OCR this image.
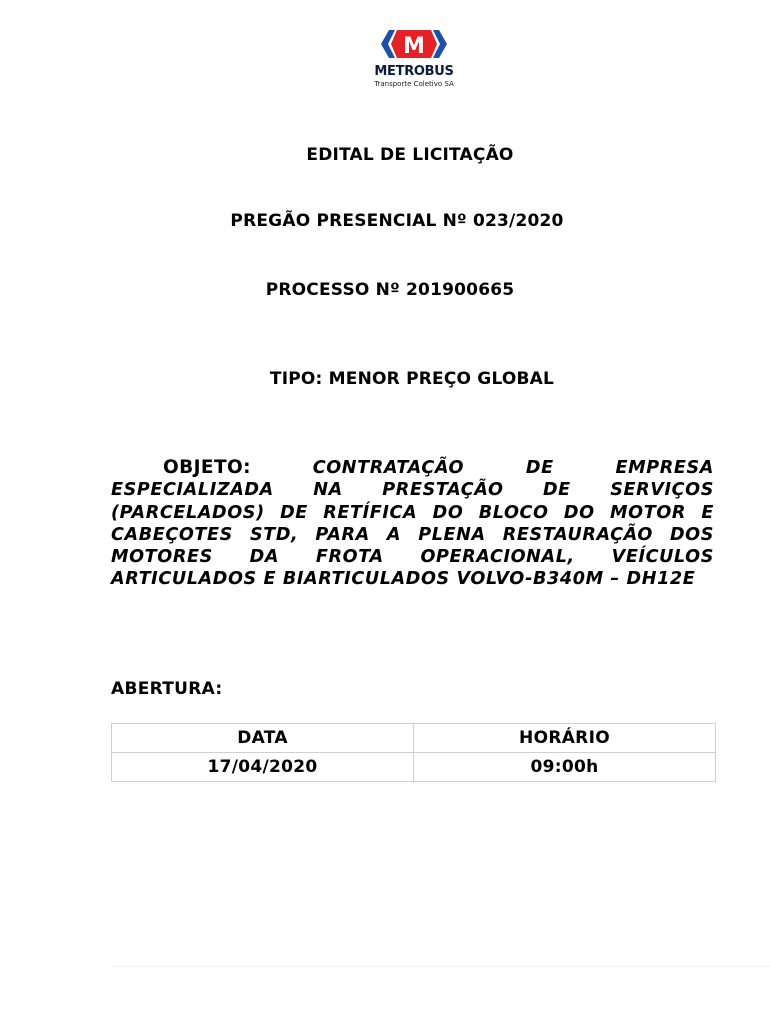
M
METROBUS
Transporte Coletivo SA
EDITAL DE LICITAÇÃO
PREGÃO PRESENCIAL Nº 023/2020
PROCESSO Nº 201900665
TIPO: MENOR PREÇO GLOBAL
OBJETO:	CONTRATAÇÃO DE EMPRESA ESPECIALIZADA NA PRESTAÇÃO DE SERVIÇOS (PARCELADOS) DE RETÍFICA DO BLOCO DO MOTOR E CABEÇOTES STD, PARA A PLENA RESTAURAÇÃO DOS MOTORES DA FROTA OPERACIONAL, VEÍCULOS ARTICULADOS E BIARTICULADOS VOLVO-B340M – DH12E
ABERTURA:
DATA	HORÁRIO
17/04/2020	09:00h
